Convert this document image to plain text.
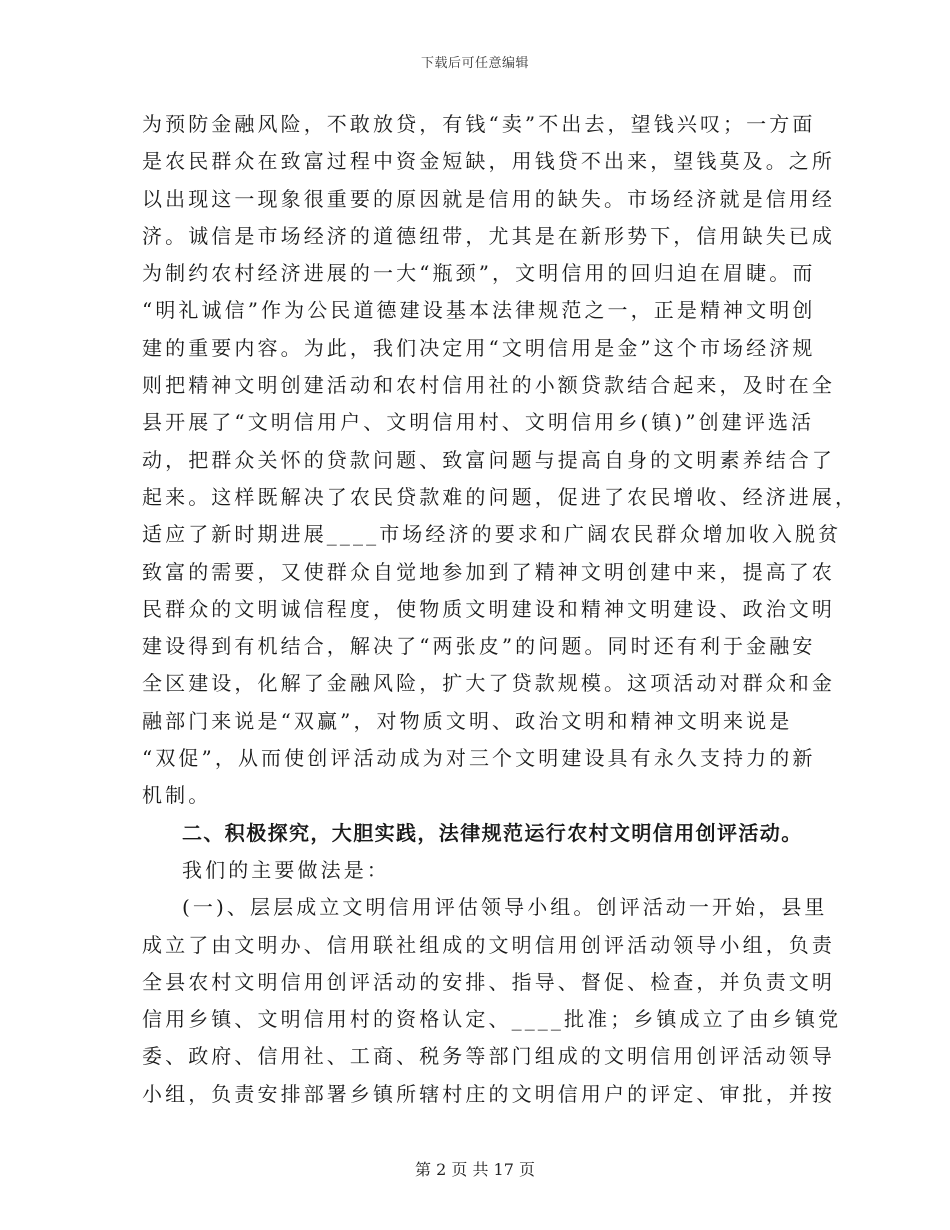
下载后可任意编辑
为预防金融风险，不敢放贷，有钱“卖”不出去，望钱兴叹；一方面
是农民群众在致富过程中资金短缺，用钱贷不出来，望钱莫及。之所
以出现这一现象很重要的原因就是信用的缺失。市场经济就是信用经
济。诚信是市场经济的道德纽带，尤其是在新形势下，信用缺失已成
为制约农村经济进展的一大“瓶颈”，文明信用的回归迫在眉睫。而
“明礼诚信”作为公民道德建设基本法律规范之一，正是精神文明创
建的重要内容。为此，我们决定用“文明信用是金”这个市场经济规
则把精神文明创建活动和农村信用社的小额贷款结合起来，及时在全
县开展了“文明信用户、文明信用村、文明信用乡(镇)”创建评选活
动，把群众关怀的贷款问题、致富问题与提高自身的文明素养结合了
起来。这样既解决了农民贷款难的问题，促进了农民增收、经济进展，
适应了新时期进展____市场经济的要求和广阔农民群众增加收入脱贫
致富的需要，又使群众自觉地参加到了精神文明创建中来，提高了农
民群众的文明诚信程度，使物质文明建设和精神文明建设、政治文明
建设得到有机结合，解决了“两张皮”的问题。同时还有利于金融安
全区建设，化解了金融风险，扩大了贷款规模。这项活动对群众和金
融部门来说是“双赢”，对物质文明、政治文明和精神文明来说是
“双促”，从而使创评活动成为对三个文明建设具有永久支持力的新
机制。
二、积极探究，大胆实践，法律规范运行农村文明信用创评活动。
我们的主要做法是：
(一)、层层成立文明信用评估领导小组。创评活动一开始，县里
成立了由文明办、信用联社组成的文明信用创评活动领导小组，负责
全县农村文明信用创评活动的安排、指导、督促、检查，并负责文明
信用乡镇、文明信用村的资格认定、____批准；乡镇成立了由乡镇党
委、政府、信用社、工商、税务等部门组成的文明信用创评活动领导
小组，负责安排部署乡镇所辖村庄的文明信用户的评定、审批，并按
第 2 页 共 17 页
